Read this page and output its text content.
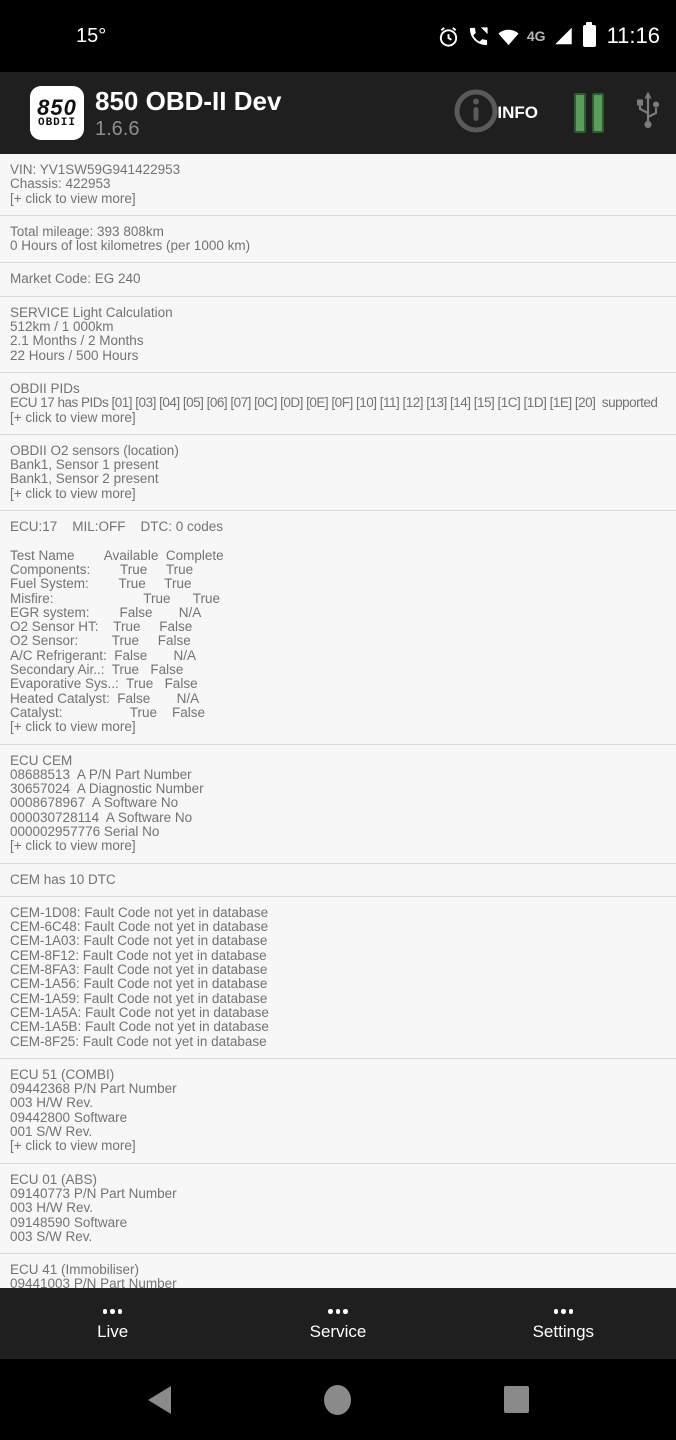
15°	4G	11:16
850
OBDII
850 OBD-II Dev
1.6.6
INFO
VIN: YV1SW59G941422953
Chassis: 422953
[+ click to view more]
Total mileage: 393 808km
0 Hours of lost kilometres (per 1000 km)
Market Code: EG 240
SERVICE Light Calculation
512km / 1 000km
2.1 Months / 2 Months
22 Hours / 500 Hours
OBDII PIDs
ECU 17 has PIDs [01] [03] [04] [05] [06] [07] [0C] [0D] [0E] [0F] [10] [11] [12] [13] [14] [15] [1C] [1D] [1E] [20]  supported
[+ click to view more]
OBDII O2 sensors (location)
Bank1, Sensor 1 present
Bank1, Sensor 2 present
[+ click to view more]
ECU:17    MIL:OFF    DTC: 0 codes

Test Name        Available  Complete
Components:        True     True
Fuel System:        True     True
Misfire:                        True      True
EGR system:        False       N/A
O2 Sensor HT:    True     False
O2 Sensor:         True     False
A/C Refrigerant:  False       N/A
Secondary Air..:  True   False
Evaporative Sys..:  True   False
Heated Catalyst:  False       N/A
Catalyst:                  True    False
[+ click to view more]
ECU CEM
08688513  A P/N Part Number
30657024  A Diagnostic Number
0008678967  A Software No
000030728114  A Software No
000002957776 Serial No
[+ click to view more]
CEM has 10 DTC
CEM-1D08: Fault Code not yet in database
CEM-6C48: Fault Code not yet in database
CEM-1A03: Fault Code not yet in database
CEM-8F12: Fault Code not yet in database
CEM-8FA3: Fault Code not yet in database
CEM-1A56: Fault Code not yet in database
CEM-1A59: Fault Code not yet in database
CEM-1A5A: Fault Code not yet in database
CEM-1A5B: Fault Code not yet in database
CEM-8F25: Fault Code not yet in database
ECU 51 (COMBI)
09442368 P/N Part Number
003 H/W Rev.
09442800 Software
001 S/W Rev.
[+ click to view more]
ECU 01 (ABS)
09140773 P/N Part Number
003 H/W Rev.
09148590 Software
003 S/W Rev.
ECU 41 (Immobiliser)
09441003 P/N Part Number
Live	Service	Settings
